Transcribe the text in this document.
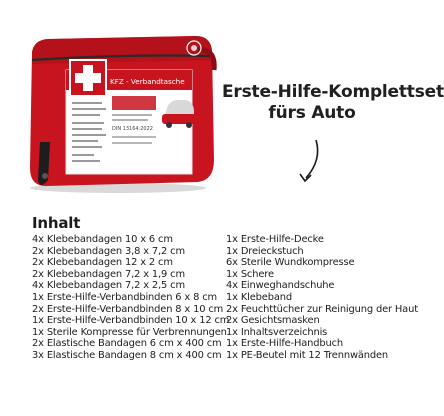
KFZ - Verbandtasche
DIN 13164:2022
Erste-Hilfe-Komplettset
fürs Auto
Inhalt
4x Klebebandagen 10 x 6 cm
2x Klebebandagen 3,8 x 7,2 cm
2x Klebebandagen 12 x 2 cm
2x Klebebandagen 7,2 x 1,9 cm
4x Klebebandagen 7,2 x 2,5 cm
1x Erste-Hilfe-Verbandbinden 6 x 8 cm
2x Erste-Hilfe-Verbandbinden 8 x 10 cm
1x Erste-Hilfe-Verbandbinden 10 x 12 cm
1x Sterile Kompresse für Verbrennungen
2x Elastische Bandagen 6 cm x 400 cm
3x Elastische Bandagen 8 cm x 400 cm
1x Erste-Hilfe-Decke
1x Dreieckstuch
6x Sterile Wundkompresse
1x Schere
4x Einweghandschuhe
1x Klebeband
2x Feuchttücher zur Reinigung der Haut
2x Gesichtsmasken
1x Inhaltsverzeichnis
1x Erste-Hilfe-Handbuch
1x PE-Beutel mit 12 Trennwänden
